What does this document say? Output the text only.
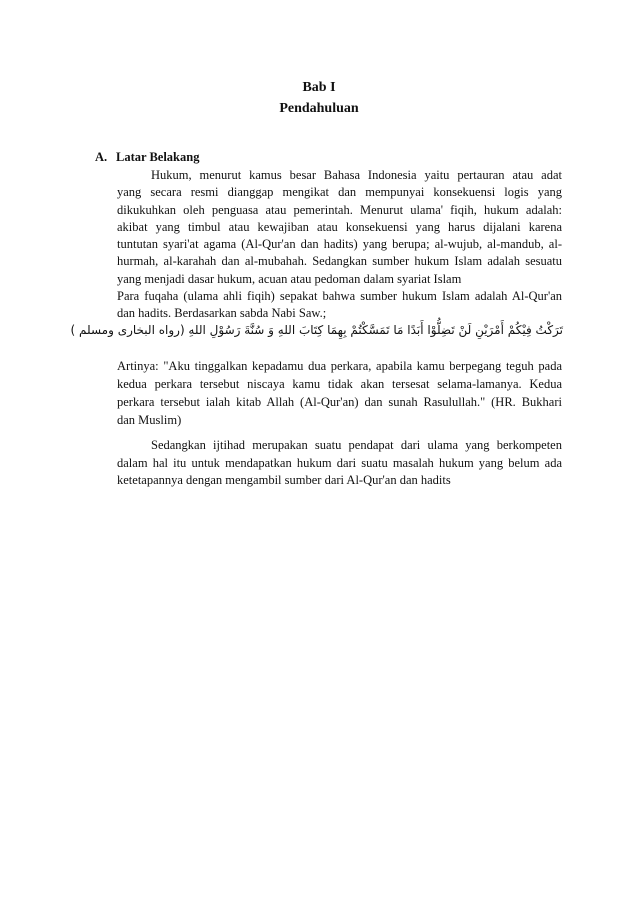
Bab I
Pendahuluan
A. Latar Belakang
Hukum, menurut kamus besar Bahasa Indonesia yaitu pertauran atau adat
yang secara resmi dianggap mengikat dan mempunyai konsekuensi logis yang
dikukuhkan oleh penguasa atau pemerintah. Menurut ulama' fiqih, hukum adalah:
akibat yang timbul atau kewajiban atau konsekuensi yang harus dijalani karena
tuntutan syari'at agama (Al-Qur'an dan hadits) yang berupa; al-wujub, al-mandub, al-
hurmah, al-karahah dan al-mubahah. Sedangkan sumber hukum Islam adalah sesuatu
yang menjadi dasar hukum, acuan atau pedoman dalam syariat Islam
Para fuqaha (ulama ahli fiqih) sepakat bahwa sumber hukum Islam adalah Al-Qur'an
dan hadits. Berdasarkan sabda Nabi Saw.;
تَرَكْتُ فِيْكُمْ أَمْرَيْنِ لَنْ تَضِلُّوْا أَبَدًا مَا تَمَسَّكْتُمْ بِهِمَا كِتَابَ اللهِ وَ سُنَّةَ رَسُوْلِ اللهِ (رواه البخارى ومسلم )
Artinya: "Aku tinggalkan kepadamu dua perkara, apabila kamu berpegang teguh pada
kedua perkara tersebut niscaya kamu tidak akan tersesat selama-lamanya. Kedua
perkara tersebut ialah kitab Allah (Al-Qur'an) dan sunah Rasulullah." (HR. Bukhari
dan Muslim)
Sedangkan ijtihad merupakan suatu pendapat dari ulama yang berkompeten
dalam hal itu untuk mendapatkan hukum dari suatu masalah hukum yang belum ada
ketetapannya dengan mengambil sumber dari Al-Qur'an dan hadits
